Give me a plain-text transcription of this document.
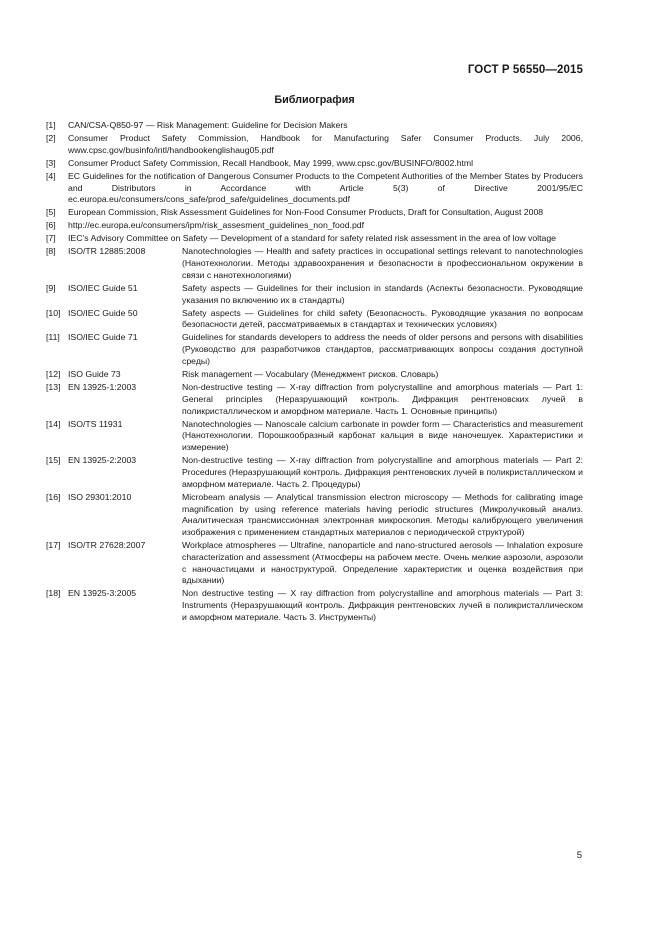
ГОСТ Р 56550—2015
Библиография
[1] CAN/CSA-Q850-97 — Risk Management: Guideline for Decision Makers
[2] Consumer Product Safety Commission, Handbook for Manufacturing Safer Consumer Products. July 2006, www.cpsc.gov/businfo/intl/handbookenglishaug05.pdf
[3] Consumer Product Safety Commission, Recall Handbook, May 1999, www.cpsc.gov/BUSINFO/8002.html
[4] EC Guidelines for the notification of Dangerous Consumer Products to the Competent Authorities of the Member States by Producers and Distributors in Accordance with Article 5(3) of Directive 2001/95/EC ec.europa.eu/consumers/cons_safe/prod_safe/guidelines_documents.pdf
[5] European Commission, Risk Assessment Guidelines for Non-Food Consumer Products, Draft for Consultation, August 2008
[6] http://ec.europa.eu/consumers/ipm/risk_assesment_guidelines_non_food.pdf
[7] IEC’s Advisory Committee on Safety — Development of a standard for safety related risk assessment in the area of low voltage
[8] ISO/TR 12885:2008	Nanotechnologies — Health and safety practices in occupational settings relevant to nanotechnologies (Нанотехнологии. Методы здравоохранения и безопасности в профессиональном окружении в связи с нанотехнологиями)
[9] ISO/IEC Guide 51	Safety aspects — Guidelines for their inclusion in standards (Аспекты безопасности. Руководящие указания по включению их в стандарты)
[10] ISO/IEC Guide 50	Safety aspects — Guidelines for child safety (Безопасность. Руководящие указания по вопросам безопасности детей, рассматриваемых в стандартах и технических условиях)
[11] ISO/IEC Guide 71	Guidelines for standards developers to address the needs of older persons and persons with disabilities (Руководство для разработчиков стандартов, рассматривающих вопросы создания доступной среды)
[12] ISO Guide 73	Risk management — Vocabulary (Менеджмент рисков. Словарь)
[13] EN 13925-1:2003	Non-destructive testing — X-ray diffraction from polycrystalline and amorphous materials — Part 1: General principles (Неразрушающий контроль. Дифракция рентгеновских лучей в поликристаллическом и аморфном материале. Часть 1. Основные принципы)
[14] ISO/TS 11931	Nanotechnologies — Nanoscale calcium carbonate in powder form — Characteristics and measurement (Нанотехнологии. Порошкообразный карбонат кальция в виде наночешуек. Характеристики и измерение)
[15] EN 13925-2:2003	Non-destructive testing — X-ray diffraction from polycrystalline and amorphous materials — Part 2: Procedures (Неразрушающий контроль. Дифракция рентгеновских лучей в поликристаллическом и аморфном материале. Часть 2. Процедуры)
[16] ISO 29301:2010	Microbeam analysis — Analytical transmission electron microscopy — Methods for calibrating image magnification by using reference materials having periodic structures (Микролучковый анализ. Аналитическая трансмиссионная электронная микроскопия. Методы калибрующего увеличения изображения с применением стандартных материалов с периодической структурой)
[17] ISO/TR 27628:2007	Workplace atmospheres — Ultrafine, nanoparticle and nano-structured aerosols — Inhalation exposure characterization and assessment (Атмосферы на рабочем месте. Очень мелкие аэрозоли, аэрозоли с наночастицами и наноструктурой. Определение характеристик и оценка воздействия при вдыхании)
[18] EN 13925-3:2005	Non destructive testing — X ray diffraction from polycrystalline and amorphous materials — Part 3: Instruments (Неразрушающий контроль. Дифракция рентгеновских лучей в поликристаллическом и аморфном материале. Часть 3. Инструменты)
5
